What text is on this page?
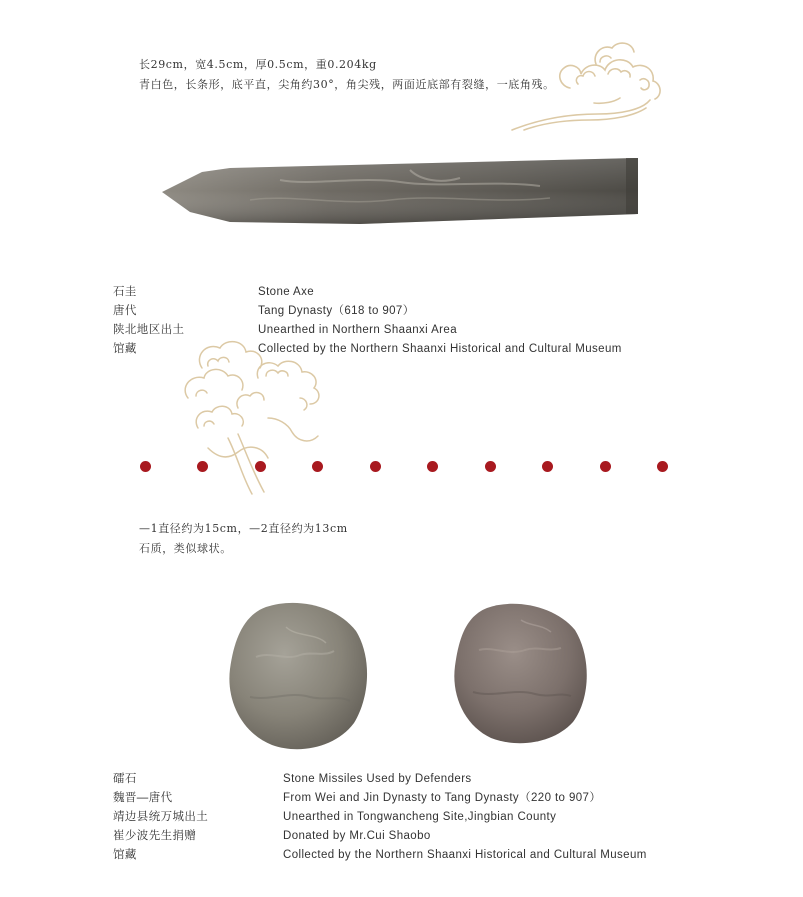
长29cm，宽4.5cm，厚0.5cm，重0.204kg
青白色，长条形，底平直，尖角约30°，角尖残，两面近底部有裂缝，一底角残。
石圭
唐代
陕北地区出土
馆藏
Stone Axe
Tang Dynasty（618 to 907）
Unearthed in Northern Shaanxi Area
Collected by the Northern Shaanxi Historical and Cultural Museum
—1直径约为15cm，—2直径约为13cm
石质，类似球状。
礌石
魏晋—唐代
靖边县统万城出土
崔少波先生捐赠
馆藏
Stone Missiles Used by Defenders
From Wei and Jin Dynasty to Tang Dynasty（220 to 907）
Unearthed in Tongwancheng Site,Jingbian County
Donated by Mr.Cui Shaobo
Collected by the Northern Shaanxi Historical and Cultural Museum
